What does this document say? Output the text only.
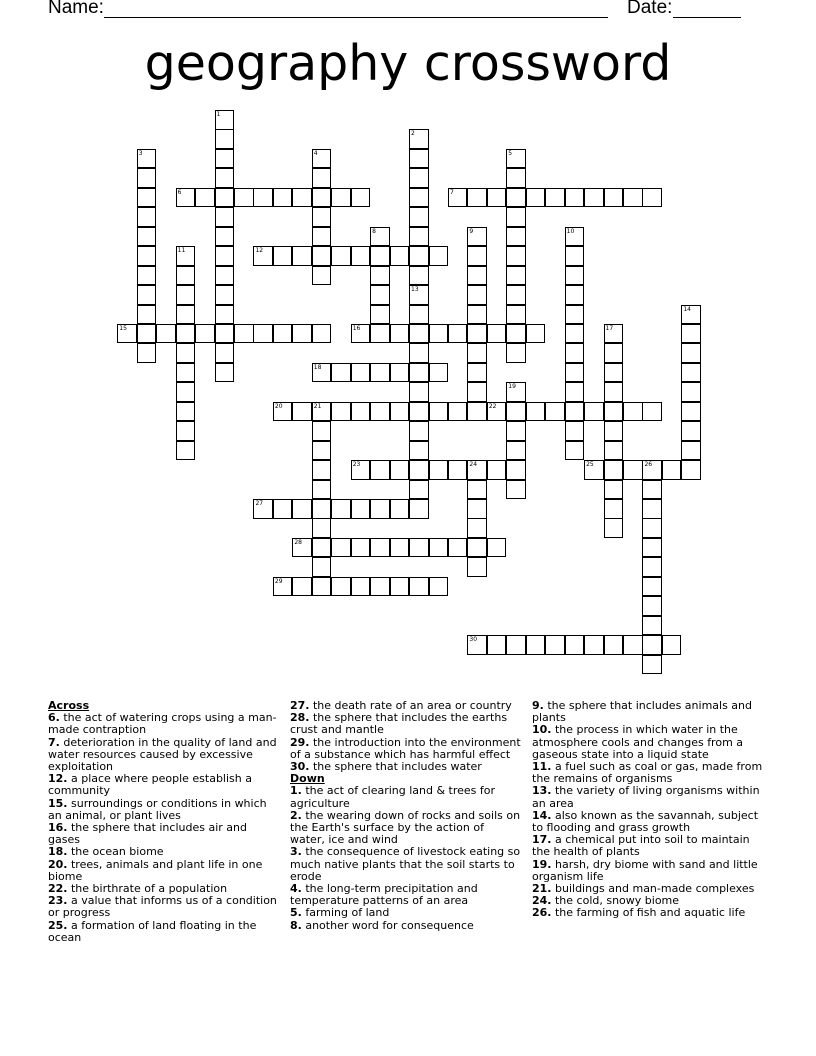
Name:	Date:
geography crossword
6	7
12
15	16
18
20	21	22
23	24	25	26
27
28
29
30
1
2
3	4	5
8	9	10
11
13
14
17
19
Across
6. the act of watering crops using a man-made contraption
7. deterioration in the quality of land and water resources caused by excessive exploitation
12. a place where people establish a community
15. surroundings or conditions in which an animal, or plant lives
16. the sphere that includes air and gases
18. the ocean biome
20. trees, animals and plant life in one biome
22. the birthrate of a population
23. a value that informs us of a condition or progress
25. a formation of land floating in the ocean
27. the death rate of an area or country
28. the sphere that includes the earths crust and mantle
29. the introduction into the environment of a substance which has harmful effect
30. the sphere that includes water
Down
1. the act of clearing land & trees for agriculture
2. the wearing down of rocks and soils on the Earth's surface by the action of water, ice and wind
3. the consequence of livestock eating so much native plants that the soil starts to erode
4. the long-term precipitation and temperature patterns of an area
5. farming of land
8. another word for consequence
9. the sphere that includes animals and plants
10. the process in which water in the atmosphere cools and changes from a gaseous state into a liquid state
11. a fuel such as coal or gas, made from the remains of organisms
13. the variety of living organisms within an area
14. also known as the savannah, subject to flooding and grass growth
17. a chemical put into soil to maintain the health of plants
19. harsh, dry biome with sand and little organism life
21. buildings and man-made complexes
24. the cold, snowy biome
26. the farming of fish and aquatic life
